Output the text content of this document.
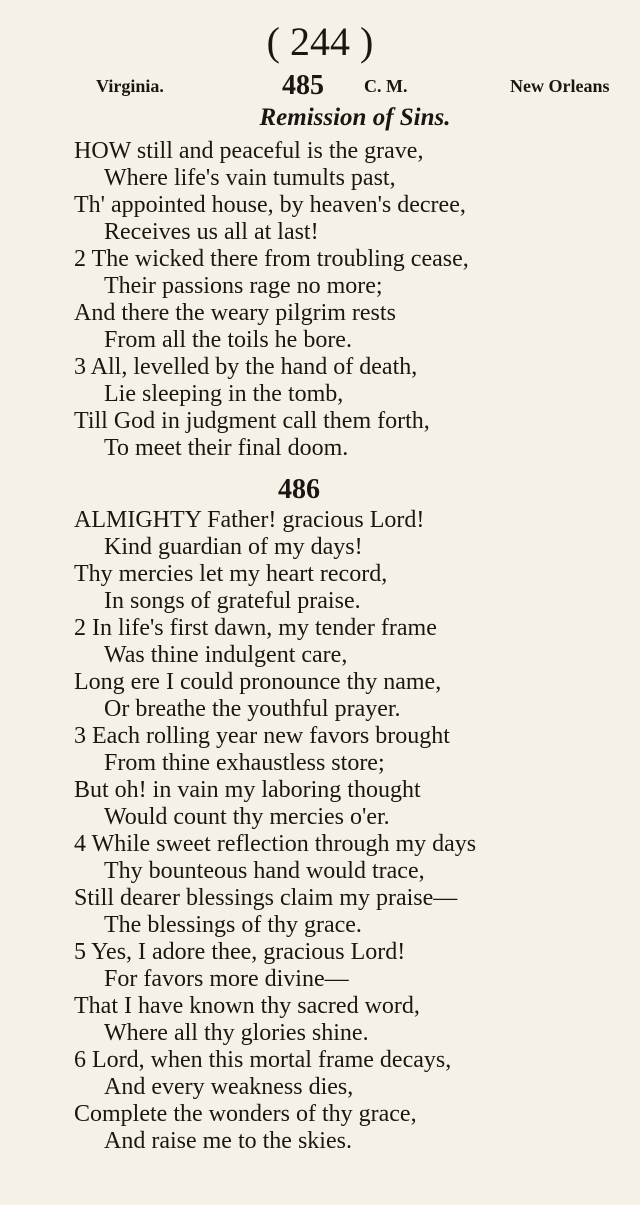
( 244 )
Virginia.	485 C. M.	New Orleans
Remission of Sins.
HOW still and peaceful is the grave,
Where life's vain tumults past,
Th' appointed house, by heaven's decree,
Receives us all at last!
2 The wicked there from troubling cease,
Their passions rage no more;
And there the weary pilgrim rests
From all the toils he bore.
3 All, levelled by the hand of death,
Lie sleeping in the tomb,
Till God in judgment call them forth,
To meet their final doom.
486
ALMIGHTY Father! gracious Lord!
Kind guardian of my days!
Thy mercies let my heart record,
In songs of grateful praise.
2 In life's first dawn, my tender frame
Was thine indulgent care,
Long ere I could pronounce thy name,
Or breathe the youthful prayer.
3 Each rolling year new favors brought
From thine exhaustless store;
But oh! in vain my laboring thought
Would count thy mercies o'er.
4 While sweet reflection through my days
Thy bounteous hand would trace,
Still dearer blessings claim my praise—
The blessings of thy grace.
5 Yes, I adore thee, gracious Lord!
For favors more divine—
That I have known thy sacred word,
Where all thy glories shine.
6 Lord, when this mortal frame decays,
And every weakness dies,
Complete the wonders of thy grace,
And raise me to the skies.
